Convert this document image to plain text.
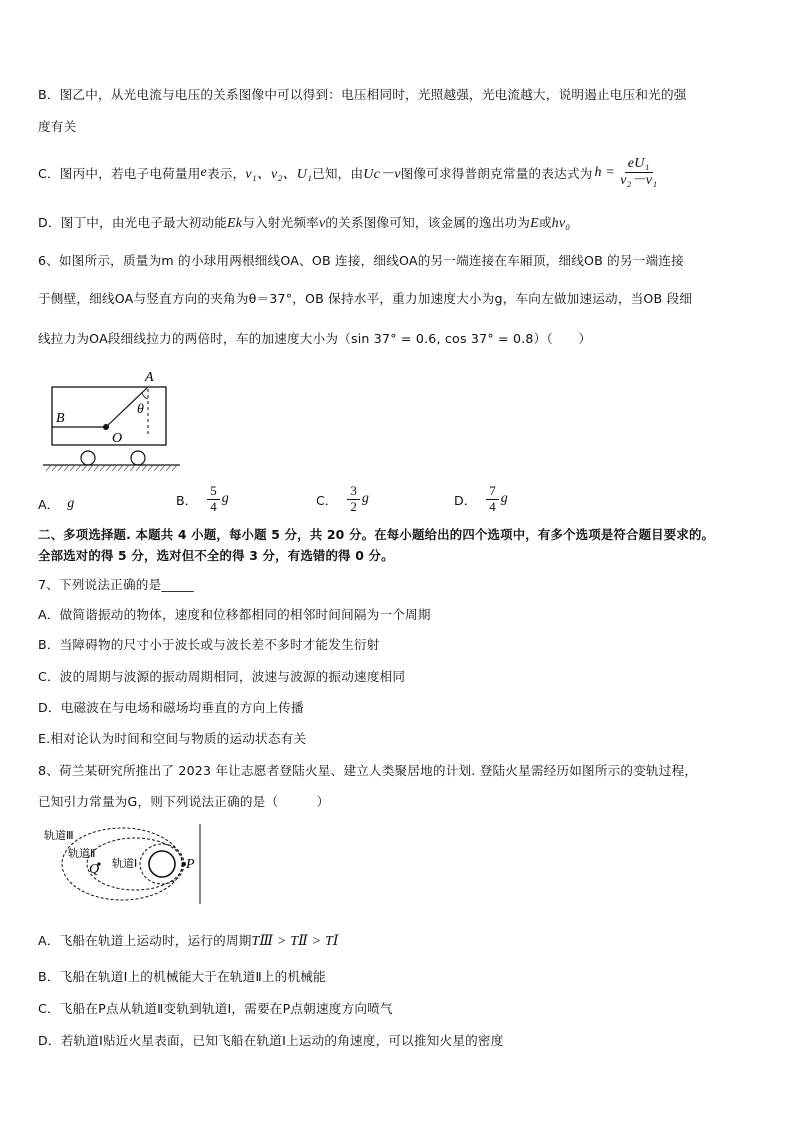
B．图乙中，从光电流与电压的关系图像中可以得到：电压相同时，光照越强，光电流越大，说明遏止电压和光的强
度有关
C．图丙中，若电子电荷量用 e 表示， ν₁、ν₂、U₁ 已知，由 Uc－ν 图像可求得普朗克常量的表达式为 $h = \frac{\text{eU₁}}{\text{ν₂－ν₁}}$
D．图丁中，由光电子最大初动能Ek与入射光频率ν的关系图像可知，该金属的逸出功为E或hν₀
6、如图所示，质量为m 的小球用两根细线OA、OB 连接，细线OA的另一端连接在车厢顶，细线OB 的另一端连接
于侧壁，细线OA与竖直方向的夹角为θ＝37°，OB 保持水平，重力加速度大小为g，车向左做加速运动，当OB 段细
线拉力为OA段细线拉力的两倍时，车的加速度大小为（sin 37° = 0.6, cos 37° = 0.8）（　　）
A
B
O
θ
A． g	B． $\frac{5}{4}$ g	C． $\frac{3}{2}$ g	D． $\frac{7}{4}$ g
二、多项选择题. 本题共 4 小题，每小题 5 分，共 20 分。在每小题给出的四个选项中，有多个选项是符合题目要求的。
全部选对的得 5 分，选对但不全的得 3 分，有选错的得 0 分。
7、下列说法正确的是_____
A．做简谐振动的物体，速度和位移都相同的相邻时间间隔为一个周期
B．当障碍物的尺寸小于波长或与波长差不多时才能发生衍射
C．波的周期与波源的振动周期相同，波速与波源的振动速度相同
D．电磁波在与电场和磁场均垂直的方向上传播
E.相对论认为时间和空间与物质的运动状态有关
8、荷兰某研究所推出了 2023 年让志愿者登陆火星、建立人类聚居地的计划. 登陆火星需经历如图所示的变轨过程，
已知引力常量为G，则下列说法正确的是（　　　）
轨道Ⅲ
轨道Ⅱ
轨道Ⅰ
Q	P
A．飞船在轨道上运动时，运行的周期TⅢ > TⅡ > TⅠ
B．飞船在轨道Ⅰ上的机械能大于在轨道Ⅱ上的机械能
C．飞船在P点从轨道Ⅱ变轨到轨道Ⅰ，需要在P点朝速度方向喷气
D．若轨道Ⅰ贴近火星表面，已知飞船在轨道Ⅰ上运动的角速度，可以推知火星的密度
